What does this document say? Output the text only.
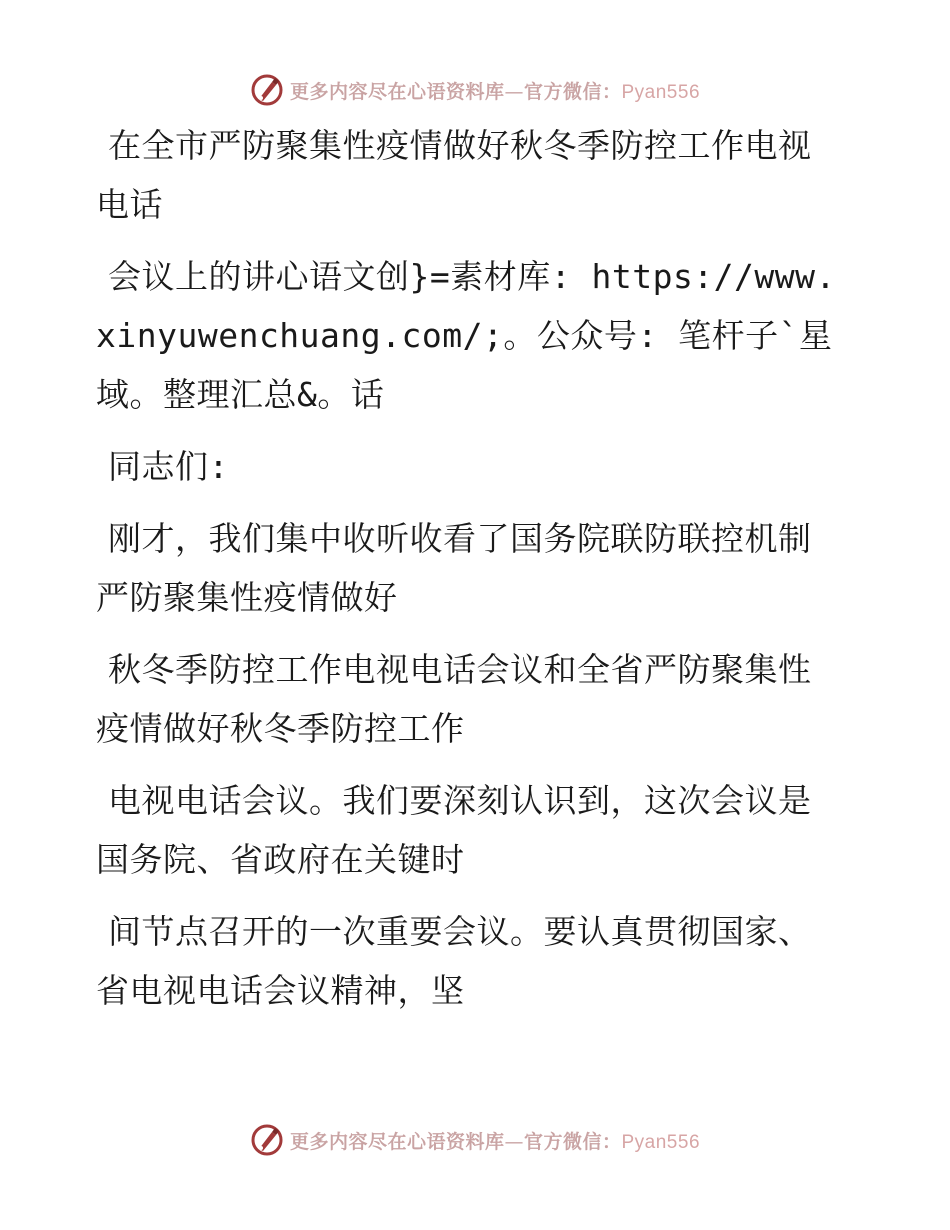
更多内容尽在心语资料库—官方微信：Pyan556

在全市严防聚集性疫情做好秋冬季防控工作电视电话

会议上的讲心语文创}=素材库: https://www.xinyuwenchuang.com/;。公众号: 笔杆子`星域。整理汇总&。话

同志们:

刚才，我们集中收听收看了国务院联防联控机制严防聚集性疫情做好

秋冬季防控工作电视电话会议和全省严防聚集性疫情做好秋冬季防控工作

电视电话会议。我们要深刻认识到，这次会议是国务院、省政府在关键时

间节点召开的一次重要会议。要认真贯彻国家、省电视电话会议精神，坚

更多内容尽在心语资料库—官方微信：Pyan556
